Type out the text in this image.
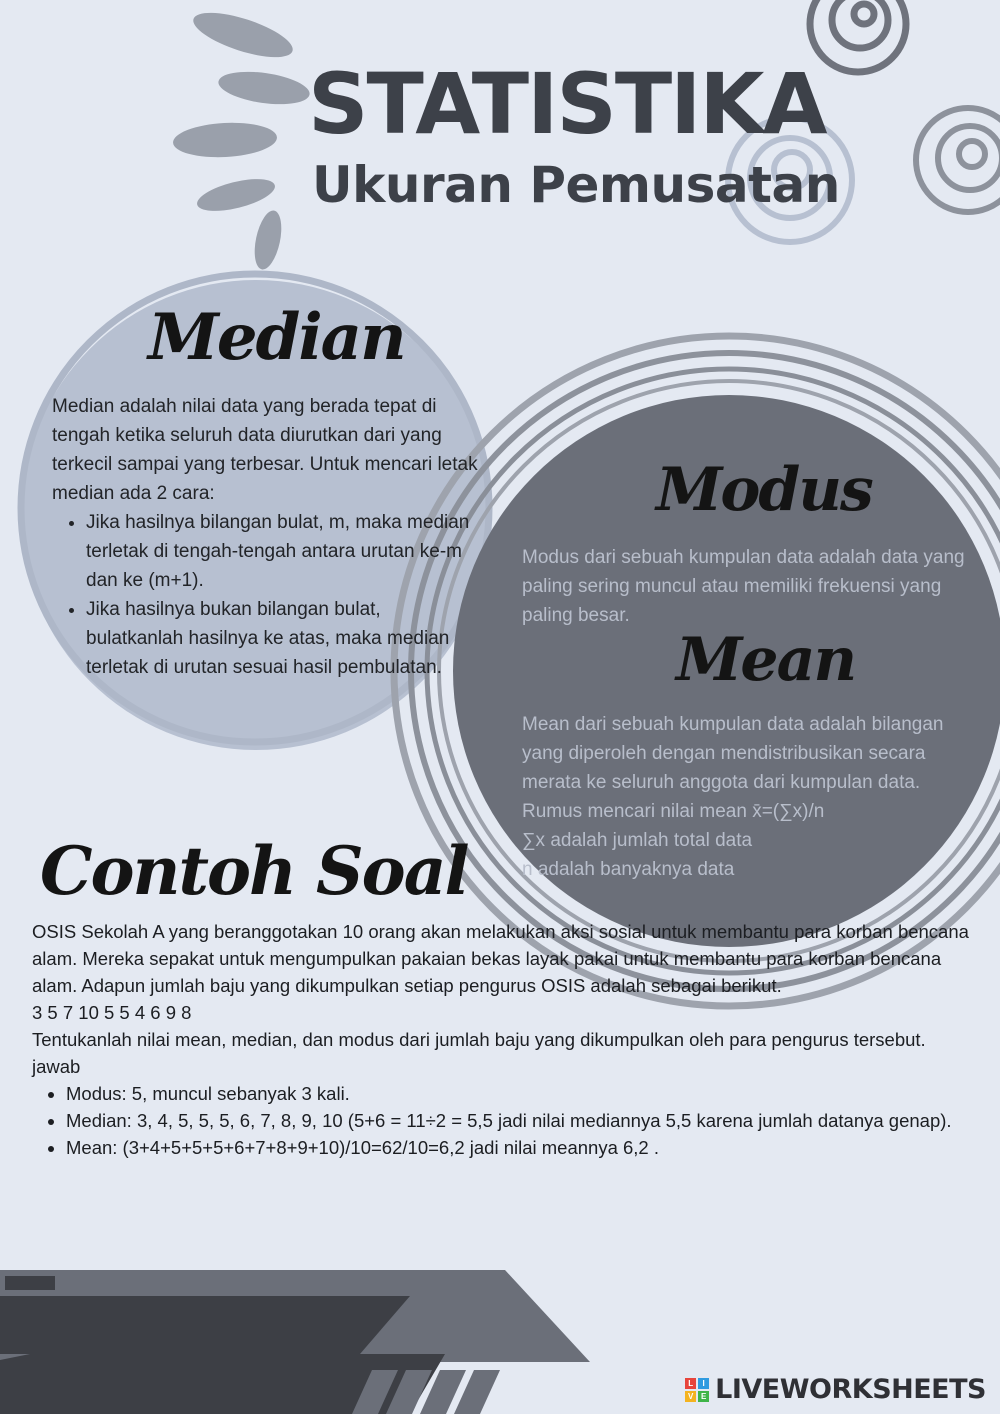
STATISTIKA
Ukuran Pemusatan
Median

Median adalah nilai data yang berada tepat di tengah ketika seluruh data diurutkan dari yang terkecil sampai yang terbesar. Untuk mencari letak median ada 2 cara:

• Jika hasilnya bilangan bulat, m, maka median terletak di tengah-tengah antara urutan ke-m dan ke (m+1).
• Jika hasilnya bukan bilangan bulat, bulatkanlah hasilnya ke atas, maka median terletak di urutan sesuai hasil pembulatan.
Modus

Modus dari sebuah kumpulan data adalah data yang paling sering muncul atau memiliki frekuensi yang paling besar.

Mean
Mean dari sebuah kumpulan data adalah bilangan
yang diperoleh dengan mendistribusikan secara
merata ke seluruh anggota dari kumpulan data.
Rumus mencari nilai mean x̄=(∑x)/n
∑x adalah jumlah total data
n adalah banyaknya data
Contoh Soal

OSIS Sekolah A yang beranggotakan 10 orang akan melakukan aksi sosial untuk membantu para korban bencana alam. Mereka sepakat untuk mengumpulkan pakaian bekas layak pakai untuk membantu para korban bencana alam. Adapun jumlah baju yang dikumpulkan setiap pengurus OSIS adalah sebagai berikut.

3 5 7 10 5 5 4 6 9 8

Tentukanlah nilai mean, median, dan modus dari jumlah baju yang dikumpulkan oleh para pengurus tersebut.

jawab

• Modus: 5, muncul sebanyak 3 kali.
• Median: 3, 4, 5, 5, 5, 6, 7, 8, 9, 10 (5+6 = 11÷2 = 5,5 jadi nilai mediannya 5,5 karena jumlah datanya genap).
• Mean: (3+4+5+5+5+6+7+8+9+10)/10=62/10=6,2 jadi nilai meannya 6,2 .
L	I
V E LIVEWORKSHEETS
